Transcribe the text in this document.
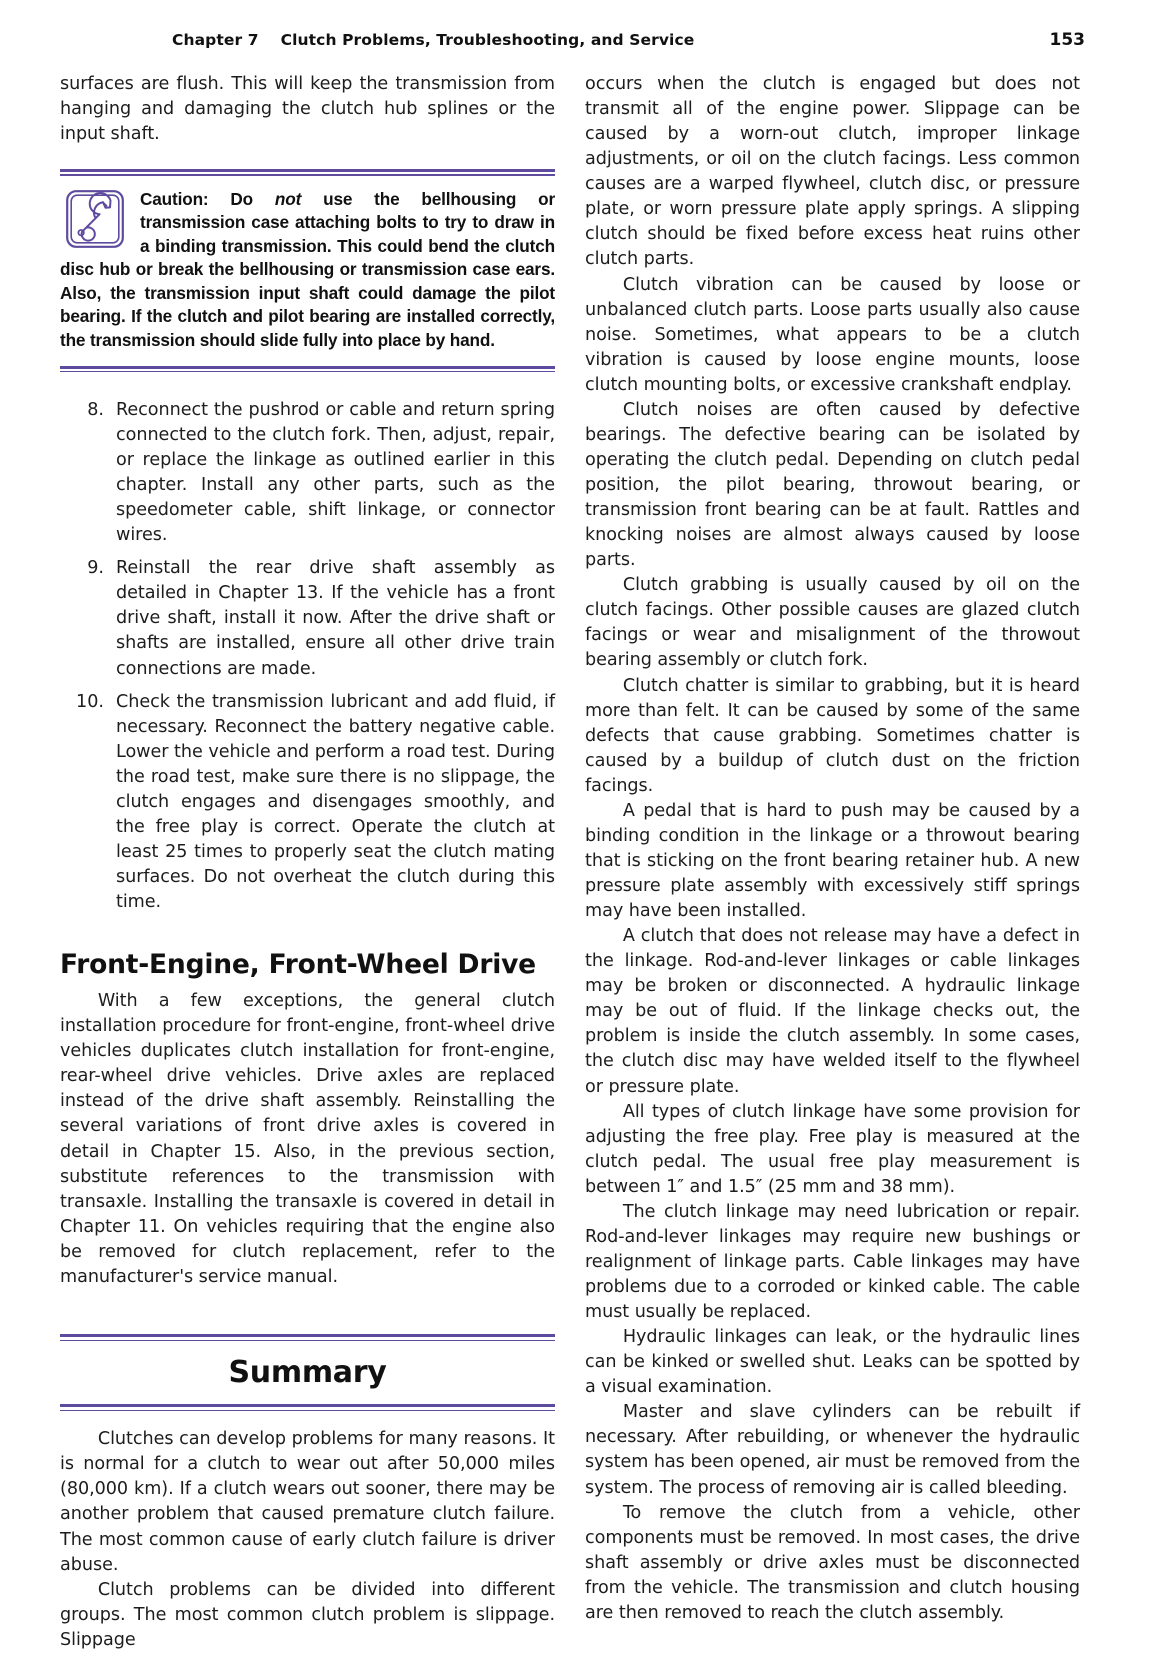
Chapter 7 Clutch Problems, Troubleshooting, and Service	153

surfaces are flush. This will keep the transmission from hanging and damaging the clutch hub splines or the input shaft.

Caution: Do not use the bellhousing or transmission case attaching bolts to try to draw in a binding transmission. This could bend the clutch disc hub or break the bellhousing or transmission case ears. Also, the transmission input shaft could damage the pilot bearing. If the clutch and pilot bearing are installed correctly, the transmission should slide fully into place by hand.
8. Reconnect the pushrod or cable and return spring connected to the clutch fork. Then, adjust, repair, or replace the linkage as outlined earlier in this chapter. Install any other parts, such as the speedometer cable, shift linkage, or connector wires.
9. Reinstall the rear drive shaft assembly as detailed in Chapter 13. If the vehicle has a front drive shaft, install it now. After the drive shaft or shafts are installed, ensure all other drive train connections are made.
10. Check the transmission lubricant and add fluid, if necessary. Reconnect the battery negative cable. Lower the vehicle and perform a road test. During the road test, make sure there is no slippage, the clutch engages and disengages smoothly, and the free play is correct. Operate the clutch at least 25 times to properly seat the clutch mating surfaces. Do not overheat the clutch during this time.
Front-Engine, Front-Wheel Drive

With a few exceptions, the general clutch installation procedure for front-engine, front-wheel drive vehicles duplicates clutch installation for front-engine, rear-wheel drive vehicles. Drive axles are replaced instead of the drive shaft assembly. Reinstalling the several variations of front drive axles is covered in detail in Chapter 15. Also, in the previous section, substitute references to the transmission with transaxle. Installing the transaxle is covered in detail in Chapter 11. On vehicles requiring that the engine also be removed for clutch replacement, refer to the manufacturer's service manual.

Summary

Clutches can develop problems for many reasons. It is normal for a clutch to wear out after 50,000 miles (80,000 km). If a clutch wears out sooner, there may be another problem that caused premature clutch failure. The most common cause of early clutch failure is driver abuse.

Clutch problems can be divided into different groups. The most common clutch problem is slippage. Slippage

occurs when the clutch is engaged but does not transmit all of the engine power. Slippage can be caused by a worn-out clutch, improper linkage adjustments, or oil on the clutch facings. Less common causes are a warped flywheel, clutch disc, or pressure plate, or worn pressure plate apply springs. A slipping clutch should be fixed before excess heat ruins other clutch parts.

Clutch vibration can be caused by loose or unbalanced clutch parts. Loose parts usually also cause noise. Sometimes, what appears to be a clutch vibration is caused by loose engine mounts, loose clutch mounting bolts, or excessive crankshaft endplay.

Clutch noises are often caused by defective bearings. The defective bearing can be isolated by operating the clutch pedal. Depending on clutch pedal position, the pilot bearing, throwout bearing, or transmission front bearing can be at fault. Rattles and knocking noises are almost always caused by loose parts.

Clutch grabbing is usually caused by oil on the clutch facings. Other possible causes are glazed clutch facings or wear and misalignment of the throwout bearing assembly or clutch fork.

Clutch chatter is similar to grabbing, but it is heard more than felt. It can be caused by some of the same defects that cause grabbing. Sometimes chatter is caused by a buildup of clutch dust on the friction facings.

A pedal that is hard to push may be caused by a binding condition in the linkage or a throwout bearing that is sticking on the front bearing retainer hub. A new pressure plate assembly with excessively stiff springs may have been installed.

A clutch that does not release may have a defect in the linkage. Rod-and-lever linkages or cable linkages may be broken or disconnected. A hydraulic linkage may be out of fluid. If the linkage checks out, the problem is inside the clutch assembly. In some cases, the clutch disc may have welded itself to the flywheel or pressure plate.

All types of clutch linkage have some provision for adjusting the free play. Free play is measured at the clutch pedal. The usual free play measurement is between 1″ and 1.5″ (25 mm and 38 mm).

The clutch linkage may need lubrication or repair. Rod-and-lever linkages may require new bushings or realignment of linkage parts. Cable linkages may have problems due to a corroded or kinked cable. The cable must usually be replaced.

Hydraulic linkages can leak, or the hydraulic lines can be kinked or swelled shut. Leaks can be spotted by a visual examination.

Master and slave cylinders can be rebuilt if necessary. After rebuilding, or whenever the hydraulic system has been opened, air must be removed from the system. The process of removing air is called bleeding.

To remove the clutch from a vehicle, other components must be removed. In most cases, the drive shaft assembly or drive axles must be disconnected from the vehicle. The transmission and clutch housing are then removed to reach the clutch assembly.
